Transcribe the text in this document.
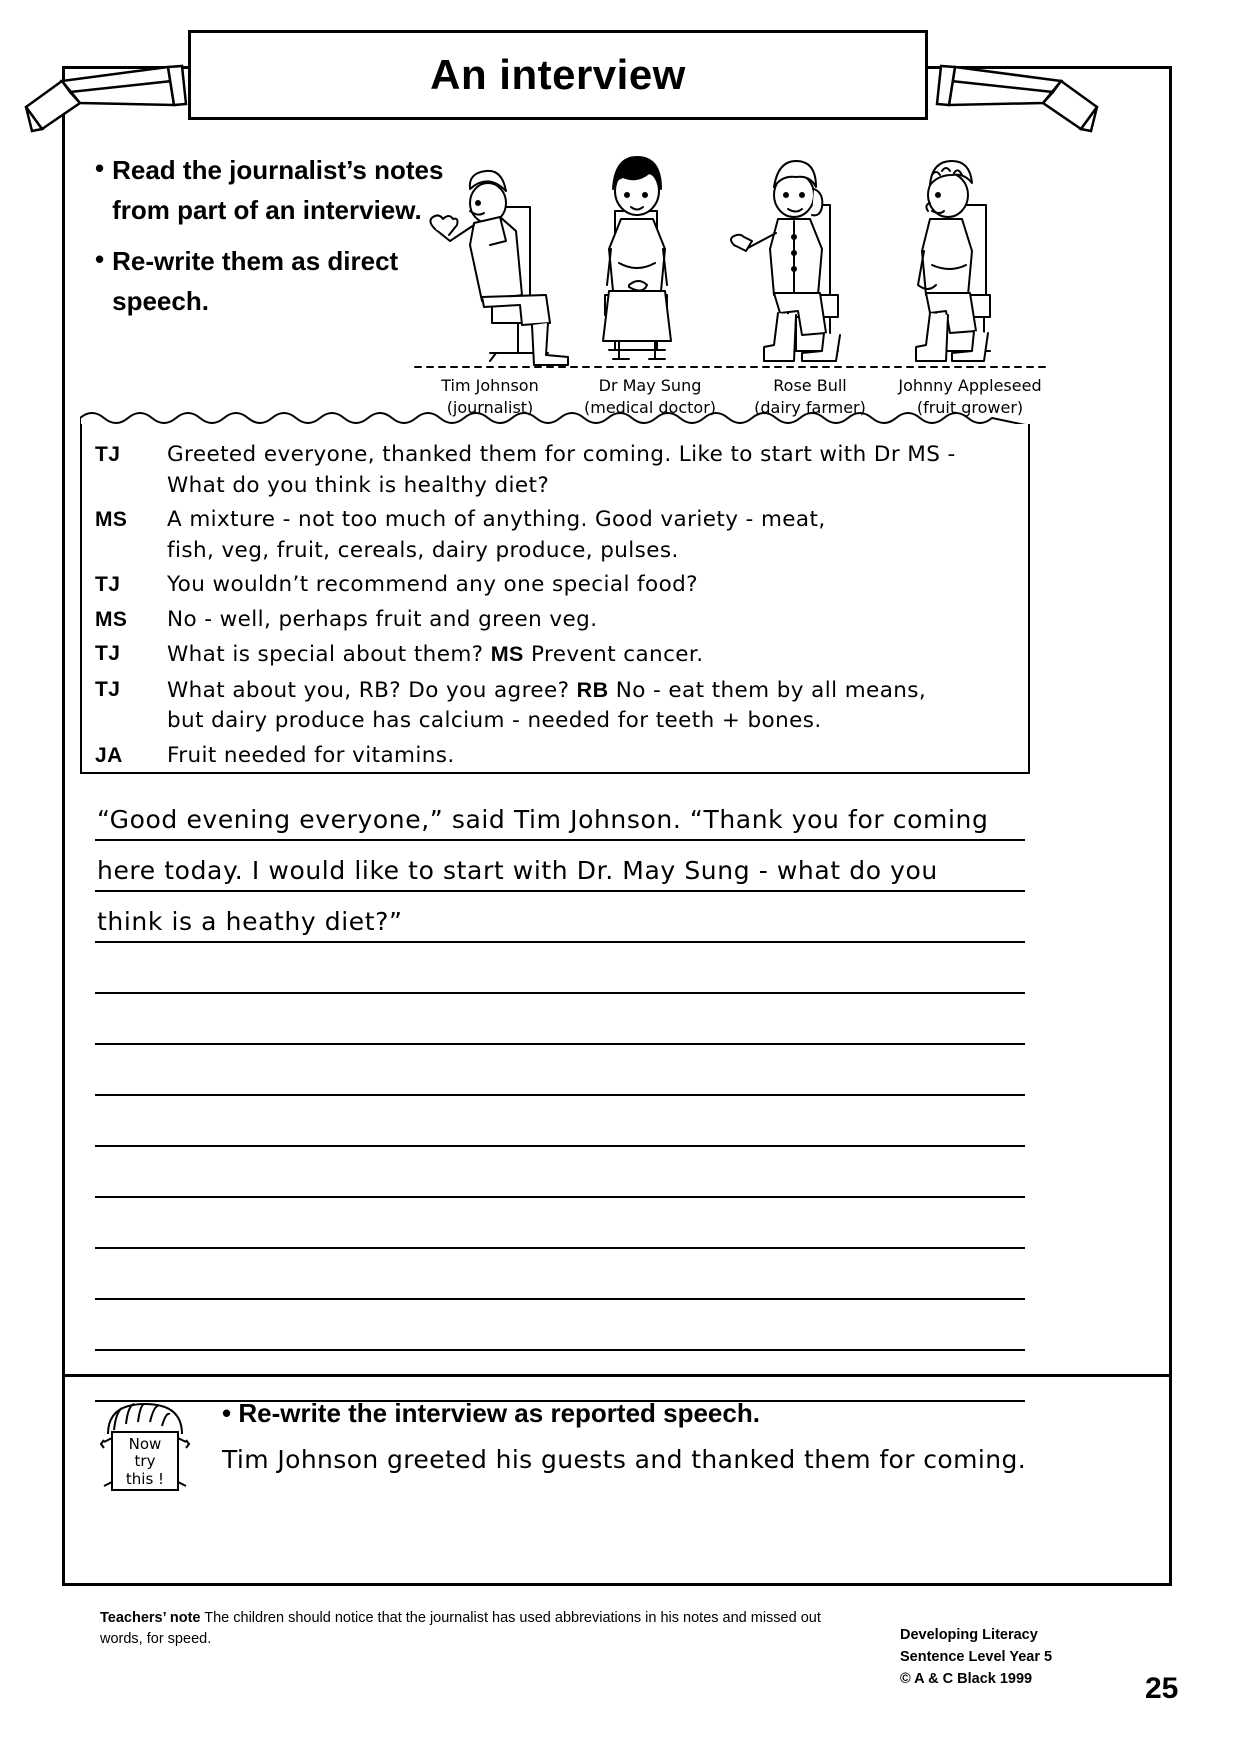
An interview
• Read the journalist’s notes from part of an interview.
• Re-write them as direct speech.
Tim Johnson
(journalist)
Dr May Sung
(medical doctor)
Rose Bull
(dairy farmer)
Johnny Appleseed
(fruit grower)
TJ	Greeted everyone, thanked them for coming. Like to start with Dr MS -
What do you think is healthy diet?
MS	A mixture - not too much of anything. Good variety - meat,
fish, veg, fruit, cereals, dairy produce, pulses.
TJ	You wouldn’t recommend any one special food?
MS	No - well, perhaps fruit and green veg.
TJ	What is special about them? MS Prevent cancer.
TJ	What about you, RB? Do you agree? RB No - eat them by all means,
but dairy produce has calcium - needed for teeth + bones.
JA	Fruit needed for vitamins.
“Good evening everyone,” said Tim Johnson. “Thank you for coming
here today. I would like to start with Dr. May Sung - what do you
think is a heathy diet?”
Now
try
this !
• Re-write the interview as reported speech.
Tim Johnson greeted his guests and thanked them for coming.
Teachers’ note The children should notice that the journalist has used abbreviations in his notes and missed out words, for speed.	Developing Literacy
Sentence Level Year 5
© A & C Black 1999	25
